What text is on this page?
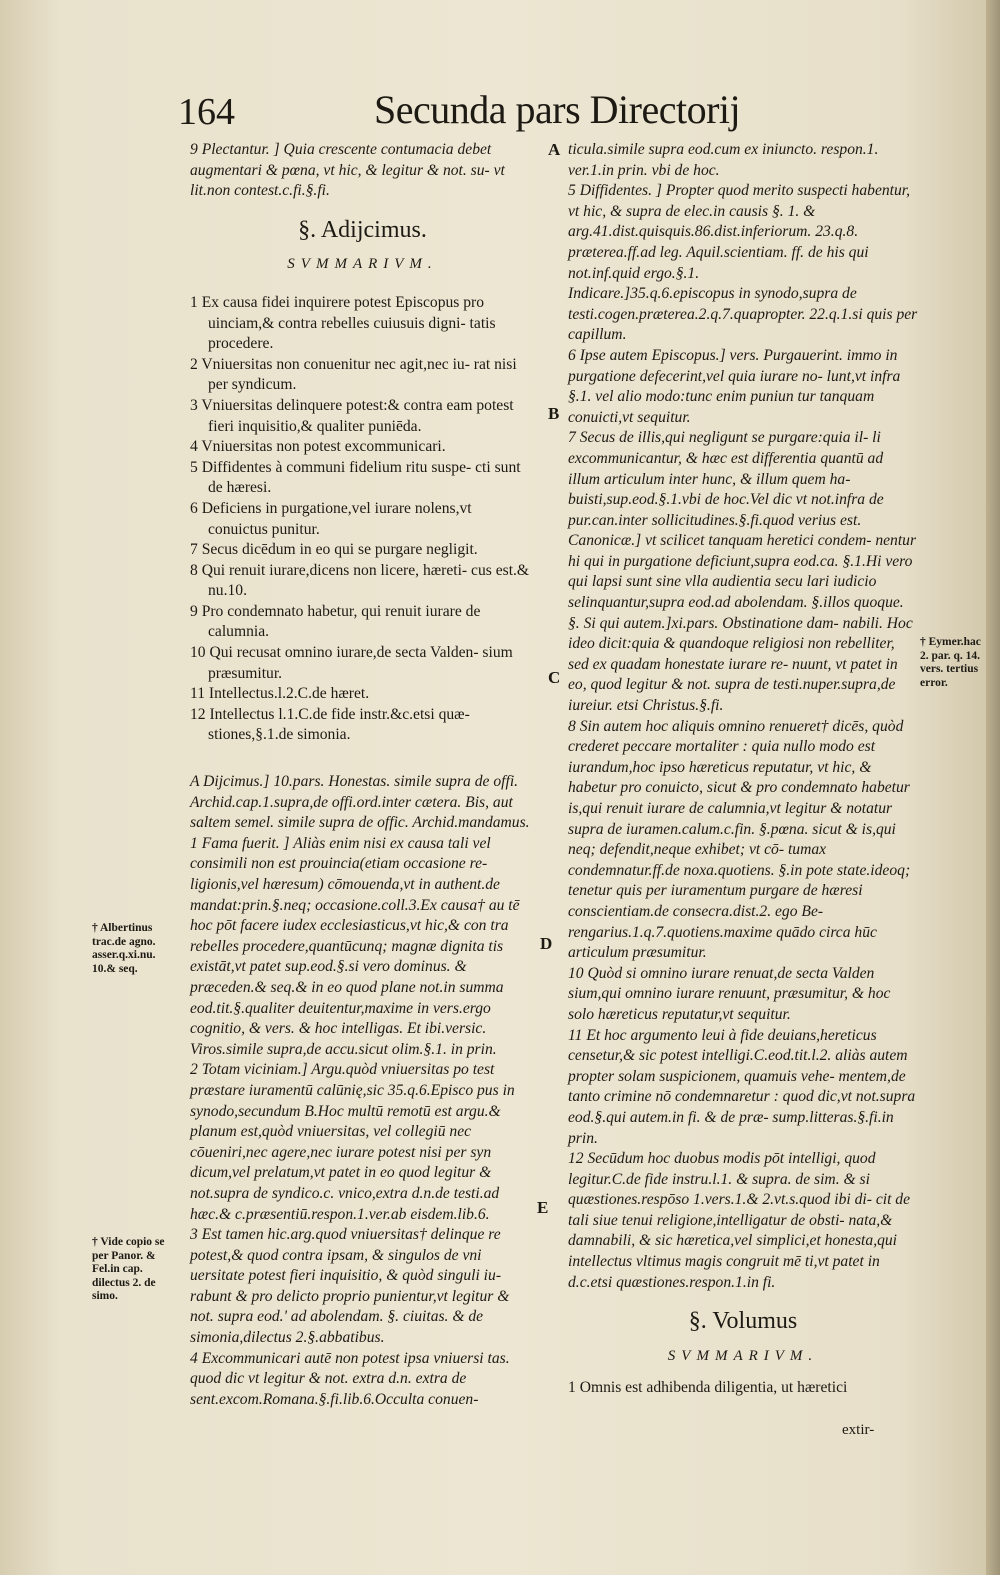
164	Secunda pars Directorij

9 Plectantur. ] Quia crescente contumacia debet augmentari & pœna, vt hic, & legitur & not. su- vt lit.non contest.c.fi.§.fi.

§. Adijcimus.
SVMMARIVM.

1 Ex causa fidei inquirere potest Episcopus pro uinciam,& contra rebelles cuiusuis digni- tatis procedere.

2 Vniuersitas non conuenitur nec agit,nec iu- rat nisi per syndicum.

3 Vniuersitas delinquere potest:& contra eam potest fieri inquisitio,& qualiter puniēda.

4 Vniuersitas non potest excommunicari.

5 Diffidentes à communi fidelium ritu suspe- cti sunt de hæresi.

6 Deficiens in purgatione,vel iurare nolens,vt conuictus punitur.

7 Secus dicēdum in eo qui se purgare negligit.

8 Qui renuit iurare,dicens non licere, hæreti- cus est.& nu.10.

9 Pro condemnato habetur, qui renuit iurare de calumnia.

10 Qui recusat omnino iurare,de secta Valden- sium præsumitur.

11 Intellectus.l.2.C.de hæret.

12 Intellectus l.1.C.de fide instr.&c.etsi quæ- stiones,§.1.de simonia.

A Dijcimus.] 10.pars. Honestas. simile supra de offi. Archid.cap.1.supra,de offi.ord.inter cætera. Bis, aut saltem semel. simile supra de offic. Archid.mandamus.

1 Fama fuerit. ] Aliàs enim nisi ex causa tali vel consimili non est prouincia(etiam occasione re- ligionis,vel hæresum) cōmouenda,vt in authent.de mandat:prin.§.neq; occasione.coll.3.Ex causa† au tē hoc pōt facere iudex ecclesiasticus,vt hic,& con tra rebelles procedere,quantūcunq; magnæ dignita tis existāt,vt patet sup.eod.§.si vero dominus. & præceden.& seq.& in eo quod plane not.in summa eod.tit.§.qualiter deuitentur,maxime in vers.ergo cognitio, & vers. & hoc intelligas. Et ibi.versic. Viros.simile supra,de accu.sicut olim.§.1. in prin.

2 Totam viciniam.] Argu.quòd vniuersitas po test præstare iuramentū calūnię,sic 35.q.6.Episco pus in synodo,secundum B.Hoc multū remotū est argu.& planum est,quòd vniuersitas, vel collegiū nec cōueniri,nec agere,nec iurare potest nisi per syn dicum,vel prelatum,vt patet in eo quod legitur & not.supra de syndico.c. vnico,extra d.n.de testi.ad hæc.& c.præsentiū.respon.1.ver.ab eisdem.lib.6.

3 Est tamen hic.arg.quod vniuersitas† delinque re potest,& quod contra ipsam, & singulos de vni uersitate potest fieri inquisitio, & quòd singuli iu- rabunt & pro delicto proprio punientur,vt legitur & not. supra eod.' ad abolendam. §. ciuitas. & de simonia,dilectus 2.§.abbatibus.

4 Excommunicari autē non potest ipsa vniuersi tas. quod dic vt legitur & not. extra d.n. extra de sent.excom.Romana.§.fi.lib.6.Occulta conuen-

ticula.simile supra eod.cum ex iniuncto. respon.1. ver.1.in prin. vbi de hoc.

5 Diffidentes. ] Propter quod merito suspecti habentur, vt hic, & supra de elec.in causis §. 1. & arg.41.dist.quisquis.86.dist.inferiorum. 23.q.8. præterea.ff.ad leg. Aquil.scientiam. ff. de his qui not.inf.quid ergo.§.1.

Indicare.]35.q.6.episcopus in synodo,supra de testi.cogen.præterea.2.q.7.quapropter. 22.q.1.si quis per capillum.

6 Ipse autem Episcopus.] vers. Purgauerint. immo in purgatione defecerint,vel quia iurare no- lunt,vt infra §.1. vel alio modo:tunc enim puniun tur tanquam conuicti,vt sequitur.

7 Secus de illis,qui negligunt se purgare:quia il- li excommunicantur, & hæc est differentia quantū ad illum articulum inter hunc, & illum quem ha- buisti,sup.eod.§.1.vbi de hoc.Vel dic vt not.infra de pur.can.inter sollicitudines.§.fi.quod verius est. Canonicæ.] vt scilicet tanquam heretici condem- nentur hi qui in purgatione deficiunt,supra eod.ca. §.1.Hi vero qui lapsi sunt sine vlla audientia secu lari iudicio selinquantur,supra eod.ad abolendam. §.illos quoque.

§. Si qui autem.]xi.pars. Obstinatione dam- nabili. Hoc ideo dicit:quia & quandoque religiosi non rebelliter, sed ex quadam honestate iurare re- nuunt, vt patet in eo, quod legitur & not. supra de testi.nuper.supra,de iureiur. etsi Christus.§.fi.

8 Sin autem hoc aliquis omnino renueret† dicēs, quòd crederet peccare mortaliter : quia nullo modo est iurandum,hoc ipso hæreticus reputatur, vt hic, & habetur pro conuicto, sicut & pro condemnato habetur is,qui renuit iurare de calumnia,vt legitur & notatur supra de iuramen.calum.c.fin. §.pœna. sicut & is,qui neq; defendit,neque exhibet; vt cō- tumax condemnatur.ff.de noxa.quotiens. §.in pote state.ideoq; tenetur quis per iuramentum purgare de hæresi conscientiam.de consecra.dist.2. ego Be- rengarius.1.q.7.quotiens.maxime quādo circa hūc articulum præsumitur.

10 Quòd si omnino iurare renuat,de secta Valden sium,qui omnino iurare renuunt, præsumitur, & hoc solo hæreticus reputatur,vt sequitur.

11 Et hoc argumento leui à fide deuians,hereticus censetur,& sic potest intelligi.C.eod.tit.l.2. aliàs autem propter solam suspicionem, quamuis vehe- mentem,de tanto crimine nō condemnaretur : quod dic,vt not.supra eod.§.qui autem.in fi. & de præ- sump.litteras.§.fi.in prin.

12 Secūdum hoc duobus modis pōt intelligi, quod legitur.C.de fide instru.l.1. & supra. de sim. & si quæstiones.respōso 1.vers.1.& 2.vt.s.quod ibi di- cit de tali siue tenui religione,intelligatur de obsti- nata,& damnabili, & sic hæretica,vel simplici,et honesta,qui intellectus vltimus magis congruit mē ti,vt patet in d.c.etsi quæstiones.respon.1.in fi.

§. Volumus
SVMMARIVM.

1 Omnis est adhibenda diligentia, ut hæretici

A
B
C
D
E
† Albertinus trac.de agno. asser.q.xi.nu. 10.& seq.
† Vide copio se per Panor. & Fel.in cap. dilectus 2. de simo.
† Eymer.hac 2. par. q. 14. vers. tertius error.
extir-
